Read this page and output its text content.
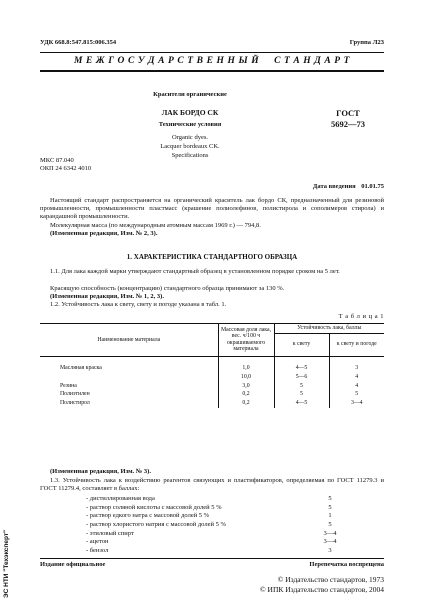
ЭС НТИ "Техэксперт"
УДК 668.8:547.815:006.354	Группа Л23
М Е Ж Г О С У Д А Р С Т В Е Н Н Ы Й     С Т А Н Д А Р Т
Красители органические
ЛАК БОРДО СК
Технические условия
Organic dyes.
Lacquer bordeaux CK.
Specifications
ГОСТ
5692—73
МКС 87.040
ОКП 24 6342 4010
Дата введения 01.01.75
Настоящий стандарт распространяется на органический краситель лак бордо СК, предназначенный для резиновой промышленности, промышленности пластмасс (крашение полиолефинов, полистирола и сополимеров стирола) и карандашной промышленности.
Молекулярная масса (по международным атомным массам 1969 г.) — 794,8.
(Измененная редакция, Изм. № 2, 3).
1. ХАРАКТЕРИСТИКА СТАНДАРТНОГО ОБРАЗЦА
1.1. Для лака каждой марки утверждают стандартный образец в установленном порядке сроком на 5 лет.
Красящую способность (концентрацию) стандартного образца принимают за 130 %.
(Измененная редакция, Изм. № 1, 2, 3).
1.2. Устойчивость лака к свету, свету и погоде указана в табл. 1.
Т а б л и ц а 1
Наименование материала	Массовая доля лака, вес. ч/100 ч окрашиваемого материала	Устойчивость лака, баллы	
		к свету	к свету и погоде
Масляная краска	1,0	4—5	3
	10,0	5—6	4
Резина	3,0	5	4
Полиэтилен	0,2	5	5
Полистирол	0,2	4—5	3—4
(Измененная редакция, Изм. № 3).
1.3. Устойчивость лака к воздействию реагентов связующих и пластификаторов, определяемая по ГОСТ 11279.3 и ГОСТ 11279.4, составляет в баллах:
- дистиллированная вода	5
- раствор соляной кислоты с массовой долей 5 %	5
- раствор едкого натра с массовой долей 5 %	1
- раствор хлористого натрия с массовой долей 5 %	5
- этиловый спирт	3—4
- ацетон	3—4
- бензол	3
Издание официальное	Перепечатка воспрещена
© Издательство стандартов, 1973
© ИПК Издательство стандартов, 2004
